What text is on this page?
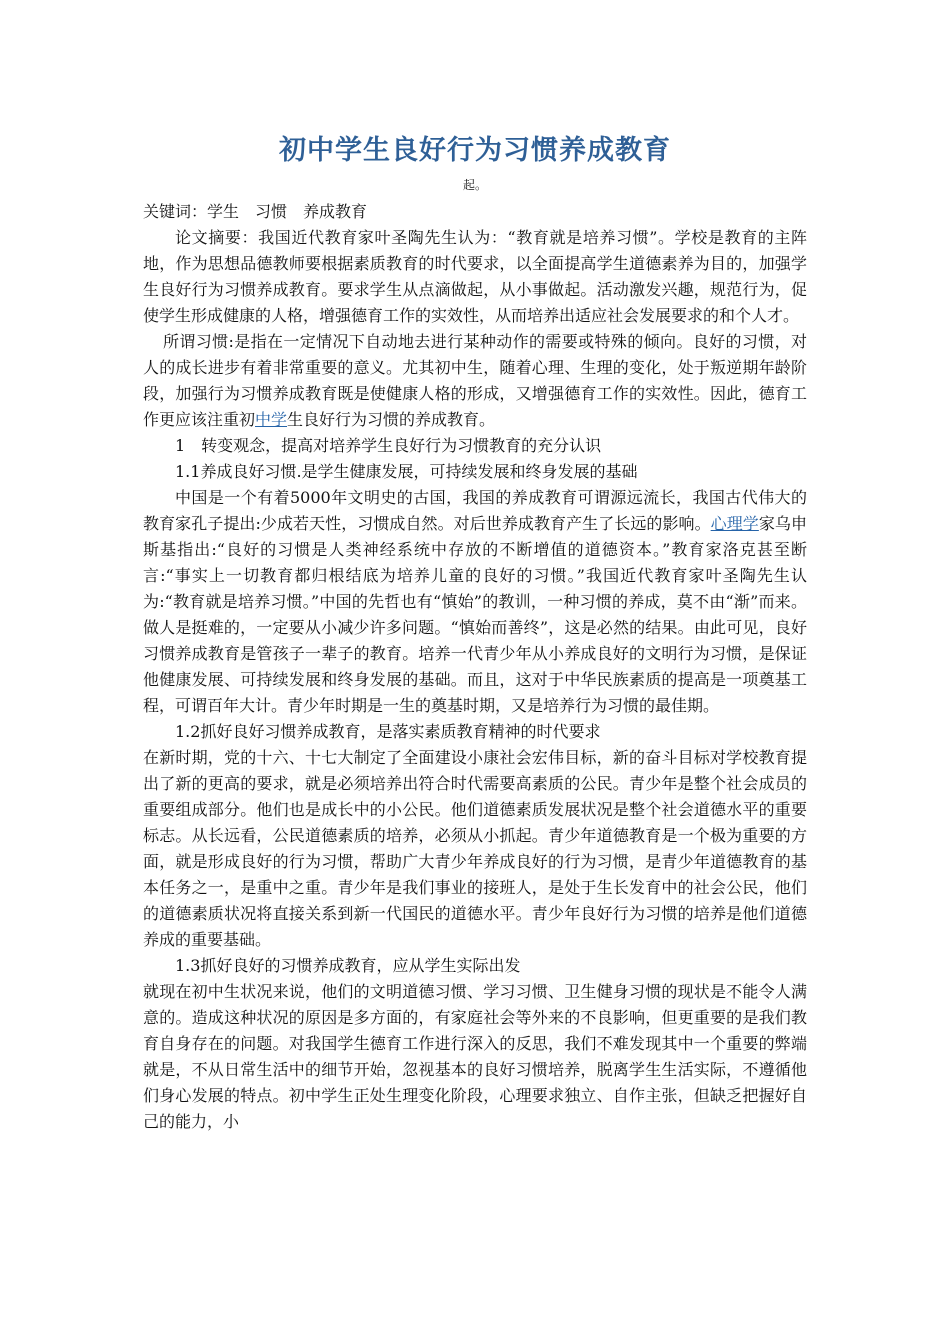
初中学生良好行为习惯养成教育
起。

关键词：学生　习惯　养成教育

论文摘要：我国近代教育家叶圣陶先生认为：“教育就是培养习惯”。学校是教育的主阵地，作为思想品德教师要根据素质教育的时代要求，以全面提高学生道德素养为目的，加强学生良好行为习惯养成教育。要求学生从点滴做起，从小事做起。活动激发兴趣，规范行为，促使学生形成健康的人格，增强德育工作的实效性，从而培养出适应社会发展要求的和个人才。

所谓习惯:是指在一定情况下自动地去进行某种动作的需要或特殊的倾向。良好的习惯，对人的成长进步有着非常重要的意义。尤其初中生，随着心理、生理的变化，处于叛逆期年龄阶段，加强行为习惯养成教育既是使健康人格的形成，又增强德育工作的实效性。因此，德育工作更应该注重初中学生良好行为习惯的养成教育。

1　转变观念，提高对培养学生良好行为习惯教育的充分认识

1.1养成良好习惯.是学生健康发展，可持续发展和终身发展的基础

中国是一个有着5000年文明史的古国，我国的养成教育可谓源远流长，我国古代伟大的教育家孔子提出:少成若天性，习惯成自然。对后世养成教育产生了长远的影响。心理学家乌申斯基指出:“良好的习惯是人类神经系统中存放的不断增值的道德资本。”教育家洛克甚至断言:“事实上一切教育都归根结底为培养儿童的良好的习惯。”我国近代教育家叶圣陶先生认为:“教育就是培养习惯。”中国的先哲也有“慎始”的教训，一种习惯的养成，莫不由“渐”而来。做人是挺难的，一定要从小减少许多问题。“慎始而善终”，这是必然的结果。由此可见，良好习惯养成教育是管孩子一辈子的教育。培养一代青少年从小养成良好的文明行为习惯，是保证他健康发展、可持续发展和终身发展的基础。而且，这对于中华民族素质的提高是一项奠基工程，可谓百年大计。青少年时期是一生的奠基时期，又是培养行为习惯的最佳期。

1.2抓好良好习惯养成教育，是落实素质教育精神的时代要求

在新时期，党的十六、十七大制定了全面建设小康社会宏伟目标，新的奋斗目标对学校教育提出了新的更高的要求，就是必须培养出符合时代需要高素质的公民。青少年是整个社会成员的重要组成部分。他们也是成长中的小公民。他们道德素质发展状况是整个社会道德水平的重要标志。从长远看，公民道德素质的培养，必须从小抓起。青少年道德教育是一个极为重要的方面，就是形成良好的行为习惯，帮助广大青少年养成良好的行为习惯，是青少年道德教育的基本任务之一，是重中之重。青少年是我们事业的接班人，是处于生长发育中的社会公民，他们的道德素质状况将直接关系到新一代国民的道德水平。青少年良好行为习惯的培养是他们道德养成的重要基础。

1.3抓好良好的习惯养成教育，应从学生实际出发

就现在初中生状况来说，他们的文明道德习惯、学习习惯、卫生健身习惯的现状是不能令人满意的。造成这种状况的原因是多方面的，有家庭社会等外来的不良影响，但更重要的是我们教育自身存在的问题。对我国学生德育工作进行深入的反思，我们不难发现其中一个重要的弊端就是，不从日常生活中的细节开始，忽视基本的良好习惯培养，脱离学生生活实际，不遵循他们身心发展的特点。初中学生正处生理变化阶段，心理要求独立、自作主张，但缺乏把握好自己的能力，小
